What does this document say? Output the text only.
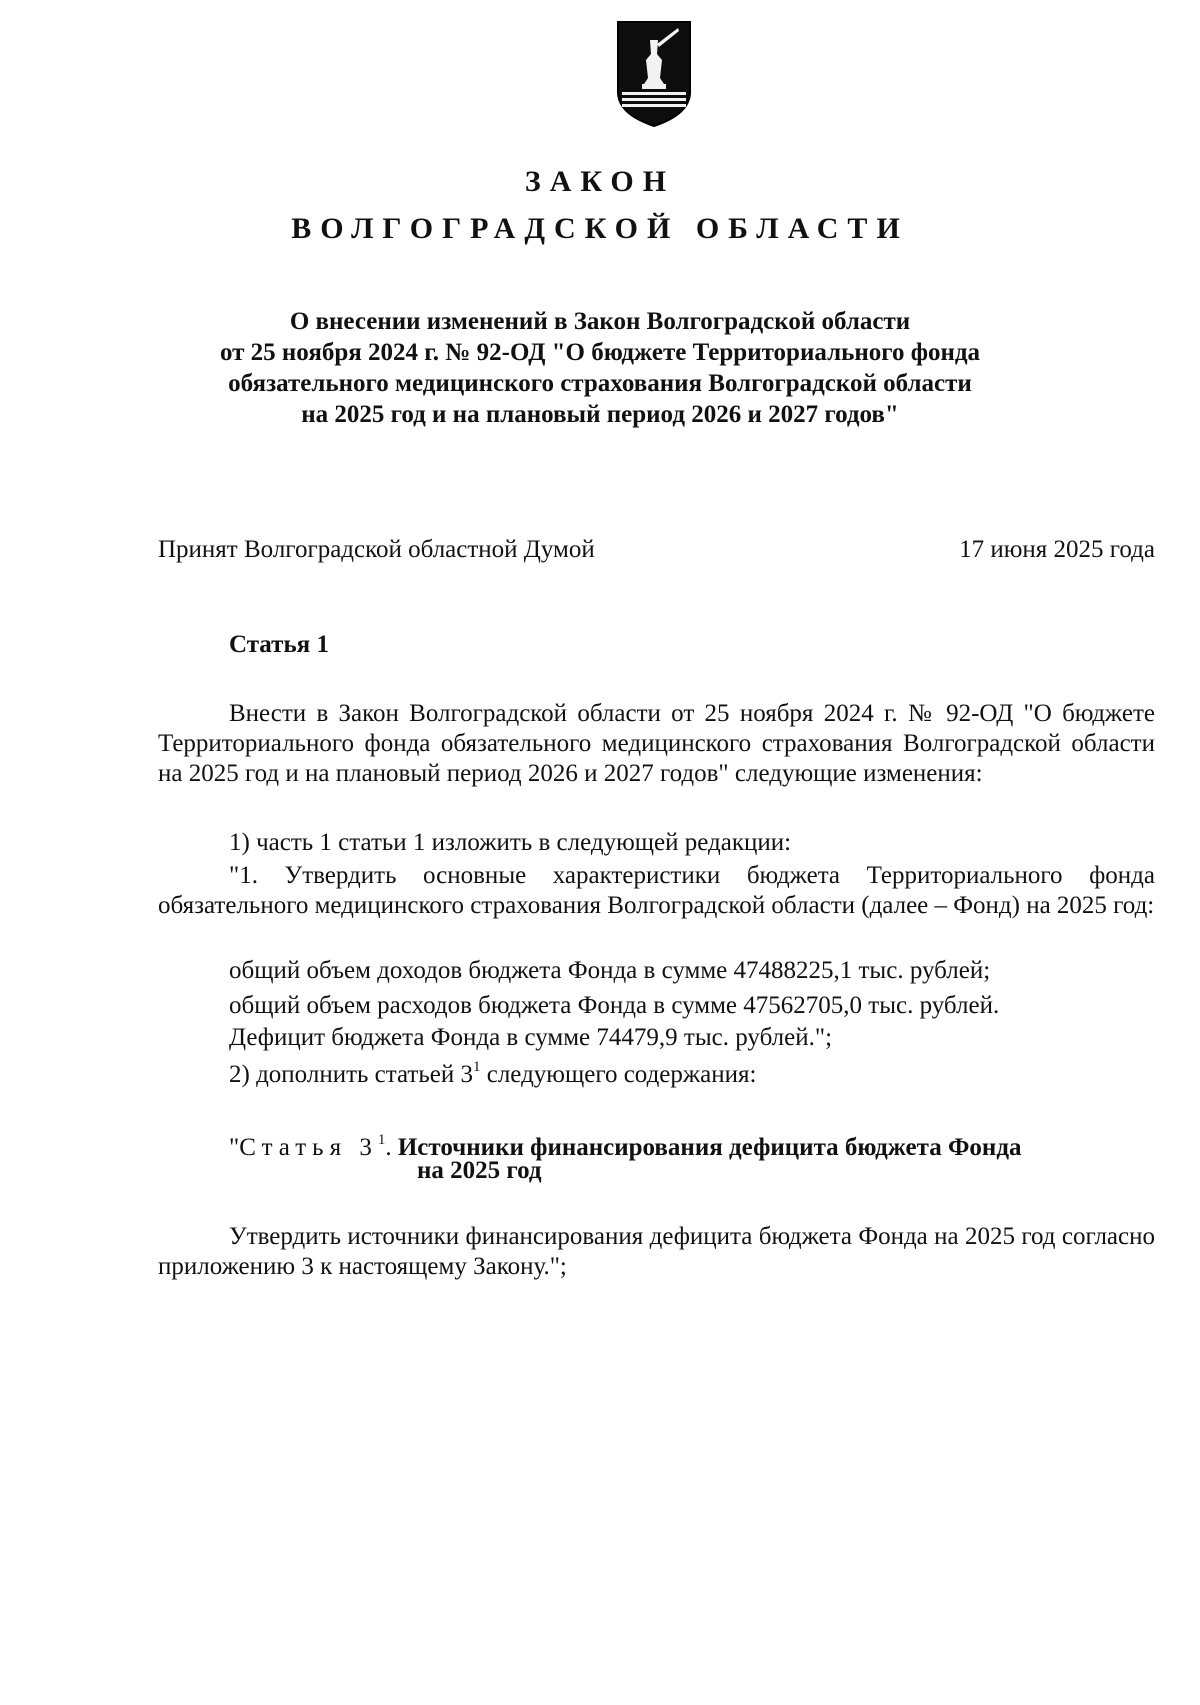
ЗАКОН
ВОЛГОГРАДСКОЙ ОБЛАСТИ
О внесении изменений в Закон Волгоградской области
от 25 ноября 2024 г. № 92-ОД "О бюджете Территориального фонда
обязательного медицинского страхования Волгоградской области
на 2025 год и на плановый период 2026 и 2027 годов"
Принят Волгоградской областной Думой	17 июня 2025 года
Статья 1
Внести в Закон Волгоградской области от 25 ноября 2024 г. № 92-ОД "О бюджете Территориального фонда обязательного медицинского страхования Волгоградской области на 2025 год и на плановый период 2026 и 2027 годов" следующие изменения:
1) часть 1 статьи 1 изложить в следующей редакции:
"1. Утвердить основные характеристики бюджета Территориального фонда обязательного медицинского страхования Волгоградской области (далее – Фонд) на 2025 год:
общий объем доходов бюджета Фонда в сумме 47488225,1 тыс. рублей;
общий объем расходов бюджета Фонда в сумме 47562705,0 тыс. рублей.
Дефицит бюджета Фонда в сумме 74479,9 тыс. рублей.";
2) дополнить статьей $3^1$ следующего содержания:
"Статья $3^1$. Источники финансирования дефицита бюджета Фонда
на 2025 год
Утвердить источники финансирования дефицита бюджета Фонда на 2025 год согласно приложению 3 к настоящему Закону.";
